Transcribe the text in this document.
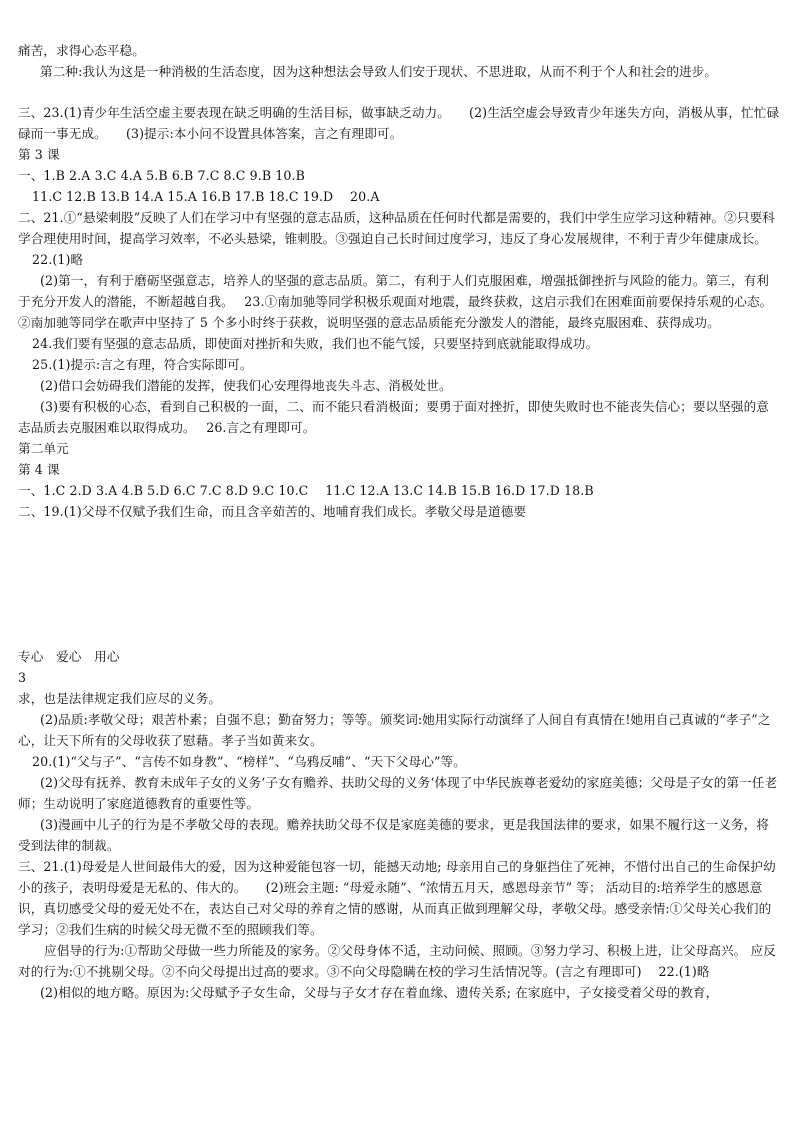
痛苦，求得心态平稳。

第二种:我认为这是一种消极的生活态度，因为这种想法会导致人们安于现状、不思进取，从而不利于个人和社会的进步。

三、23.(1)青少年生活空虚主要表现在缺乏明确的生活目标，做事缺乏动力。　　(2)生活空虚会导致青少年迷失方向，消极从事，忙忙碌碌而一事无成。　　(3)提示:本小问不设置具体答案，言之有理即可。

第 3 课

一、1.B 2.A 3.C 4.A 5.B 6.B 7.C 8.C 9.B 10.B

11.C 12.B 13.B 14.A 15.A 16.B 17.B 18.C 19.D　 20.A

二、21.①“悬梁刺股”反映了人们在学习中有坚强的意志品质，这种品质在任何时代都是需要的，我们中学生应学习这种精神。②只要科学合理使用时间，提高学习效率，不必头悬梁，锥刺股。③强迫自己长时间过度学习，违反了身心发展规律，不利于青少年健康成长。

22.(1)略

(2)第一，有利于磨砺坚强意志，培养人的坚强的意志品质。第二，有利于人们克服困难，增强抵御挫折与风险的能力。第三，有利于充分开发人的潜能，不断超越自我。　 23.①南加驰等同学积极乐观面对地震，最终获救，这启示我们在困难面前要保持乐观的心态。②南加驰等同学在歌声中坚持了 5 个多小时终于获救，说明坚强的意志品质能充分激发人的潜能，最终克服困难、获得成功。

24.我们要有坚强的意志品质，即使面对挫折和失败，我们也不能气馁，只要坚持到底就能取得成功。

25.(1)提示:言之有理，符合实际即可。

(2)借口会妨碍我们潜能的发挥，使我们心安理得地丧失斗志、消极处世。

(3)要有积极的心态，看到自己积极的一面，二、而不能只看消极面；要勇于面对挫折，即使失败时也不能丧失信心；要以坚强的意志品质去克服困难以取得成功。　 26.言之有理即可。

第二单元

第 4 课

一、1.C 2.D 3.A 4.B 5.D 6.C 7.C 8.D 9.C 10.C　 11.C 12.A 13.C 14.B 15.B 16.D 17.D 18.B

二、19.(1)父母不仅赋予我们生命，而且含辛茹苦的、地哺育我们成长。孝敬父母是道德要

专心　爱心　用心

3

求，也是法律规定我们应尽的义务。

(2)品质:孝敬父母；艰苦朴素；自强不息；勤奋努力；等等。颁奖词:她用实际行动演绎了人间自有真情在!她用自己真诚的“孝子”之心，让天下所有的父母收获了慰藉。孝子当如黄来女。

20.(1)“父与子”、“言传不如身教”、“榜样”、“乌鸦反哺”、“天下父母心”等。

(2)父母有抚养、教育未成年子女的义务‘子女有赡养、扶助父母的义务‘体现了中华民族尊老爱幼的家庭美德；父母是子女的第一任老师；生动说明了家庭道德教育的重要性等。

(3)漫画中儿子的行为是不孝敬父母的表现。赡养扶助父母不仅是家庭美德的要求，更是我国法律的要求，如果不履行这一义务，将受到法律的制裁。

三、21.(1)母爱是人世间最伟大的爱，因为这种爱能包容一切，能撼天动地; 母亲用自己的身躯挡住了死神，不惜付出自己的生命保护幼小的孩子，表明母爱是无私的、伟大的。　　(2)班会主题: “母爱永随”、“浓情五月天，感恩母亲节” 等； 活动目的:培养学生的感恩意识，真切感受父母的爱无处不在，表达自己对父母的养育之情的感谢，从而真正做到理解父母，孝敬父母。感受亲情:①父母关心我们的学习；②我们生病的时候父母无微不至的照顾我们等。

应倡导的行为:①帮助父母做一些力所能及的家务。②父母身体不适，主动问候、照顾。③努力学习、积极上进，让父母高兴。 应反对的行为:①不挑剔父母。②不向父母提出过高的要求。③不向父母隐瞒在校的学习生活情况等。(言之有理即可)　 22.(1)略

(2)相似的地方略。原因为:父母赋予子女生命，父母与子女才存在着血缘、遗传关系; 在家庭中，子女接受着父母的教育，
